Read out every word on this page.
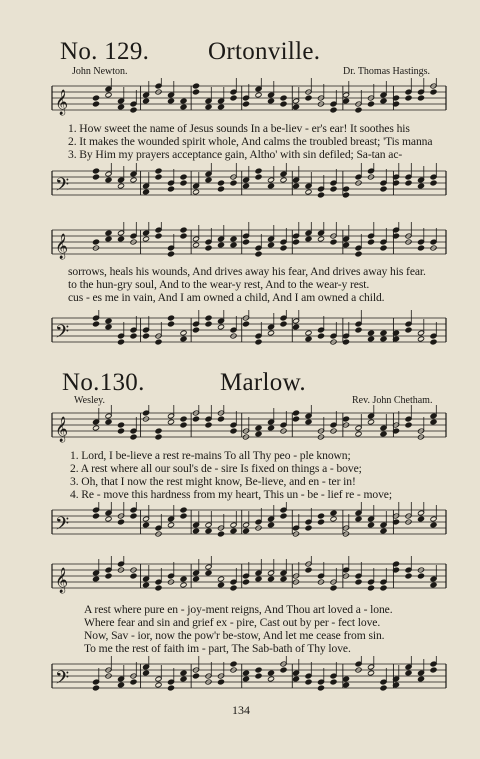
No. 129. Ortonville.
John Newton.	Dr. Thomas Hastings.
𝄞
1. How sweet the name of Jesus sounds In a be-liev - er's ear! It soothes his
2. It makes the wounded spirit whole, And calms the troubled breast; 'Tis manna
3. By Him my prayers acceptance gain, Altho' with sin defiled; Sa-tan ac-
𝄢
𝄞
sorrows, heals his wounds, And drives away his fear, And drives away his fear.
to the hun-gry soul, And to the wear-y rest, And to the wear-y rest.
cus - es me in vain, And I am owned a child, And I am owned a child.
𝄢
No.130.	Marlow.
Wesley.	Rev. John Chetham.
𝄞
1. Lord, I be-lieve a rest re-mains To all Thy peo - ple known;
2. A rest where all our soul's de - sire Is fixed on things a - bove;
3. Oh, that I now the rest might know, Be-lieve, and en - ter in!
4. Re - move this hardness from my heart, This un - be - lief re - move;
𝄢
𝄞
A rest where pure en - joy-ment reigns, And Thou art loved a - lone.
Where fear and sin and grief ex - pire, Cast out by per - fect love.
Now, Sav - ior, now the pow'r be-stow, And let me cease from sin.
To me the rest of faith im - part, The Sab-bath of Thy love.
𝄢
134
